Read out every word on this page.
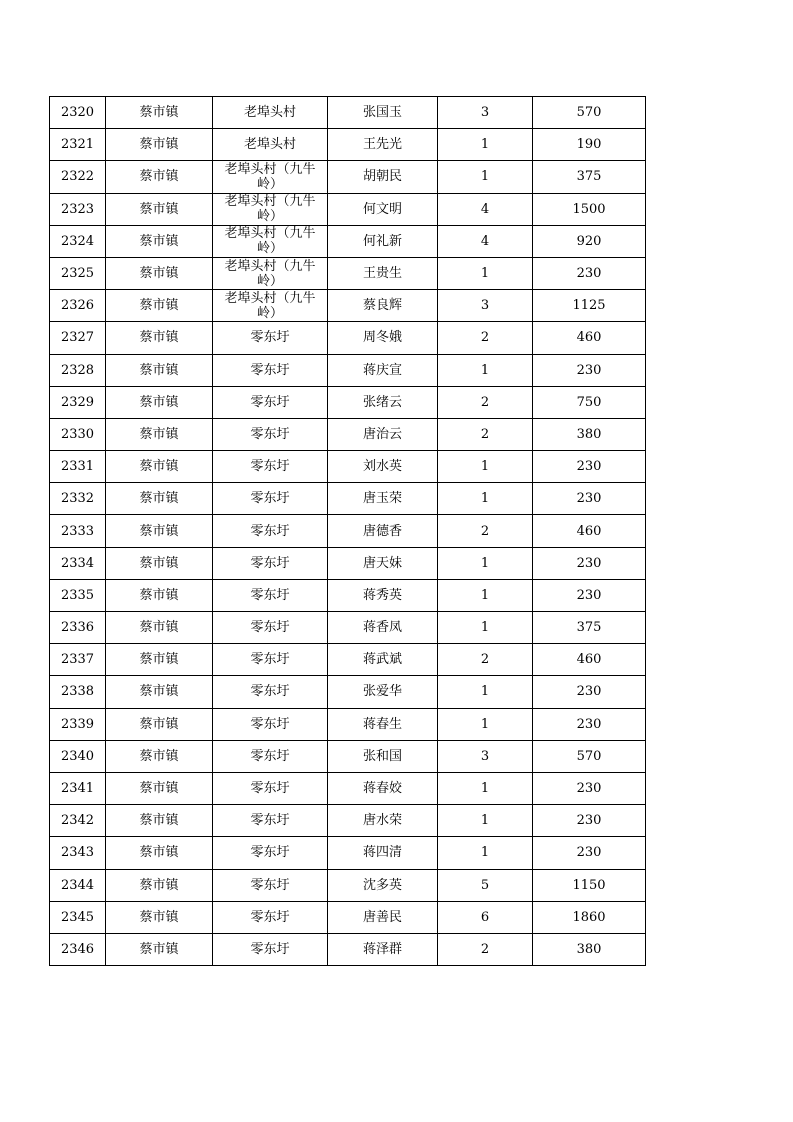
2320	蔡市镇	老埠头村	张国玉	3	570
2321	蔡市镇	老埠头村	王先光	1	190
2322	蔡市镇	老埠头村（九牛岭）	胡朝民	1	375
2323	蔡市镇	老埠头村（九牛岭）	何文明	4	1500
2324	蔡市镇	老埠头村（九牛岭）	何礼新	4	920
2325	蔡市镇	老埠头村（九牛岭）	王贵生	1	230
2326	蔡市镇	老埠头村（九牛岭）	蔡良辉	3	1125
2327	蔡市镇	零东圩	周冬娥	2	460
2328	蔡市镇	零东圩	蒋庆宣	1	230
2329	蔡市镇	零东圩	张绪云	2	750
2330	蔡市镇	零东圩	唐治云	2	380
2331	蔡市镇	零东圩	刘水英	1	230
2332	蔡市镇	零东圩	唐玉荣	1	230
2333	蔡市镇	零东圩	唐德香	2	460
2334	蔡市镇	零东圩	唐天妹	1	230
2335	蔡市镇	零东圩	蒋秀英	1	230
2336	蔡市镇	零东圩	蒋香凤	1	375
2337	蔡市镇	零东圩	蒋武斌	2	460
2338	蔡市镇	零东圩	张爱华	1	230
2339	蔡市镇	零东圩	蒋春生	1	230
2340	蔡市镇	零东圩	张和国	3	570
2341	蔡市镇	零东圩	蒋春姣	1	230
2342	蔡市镇	零东圩	唐水荣	1	230
2343	蔡市镇	零东圩	蒋四清	1	230
2344	蔡市镇	零东圩	沈多英	5	1150
2345	蔡市镇	零东圩	唐善民	6	1860
2346	蔡市镇	零东圩	蒋泽群	2	380
